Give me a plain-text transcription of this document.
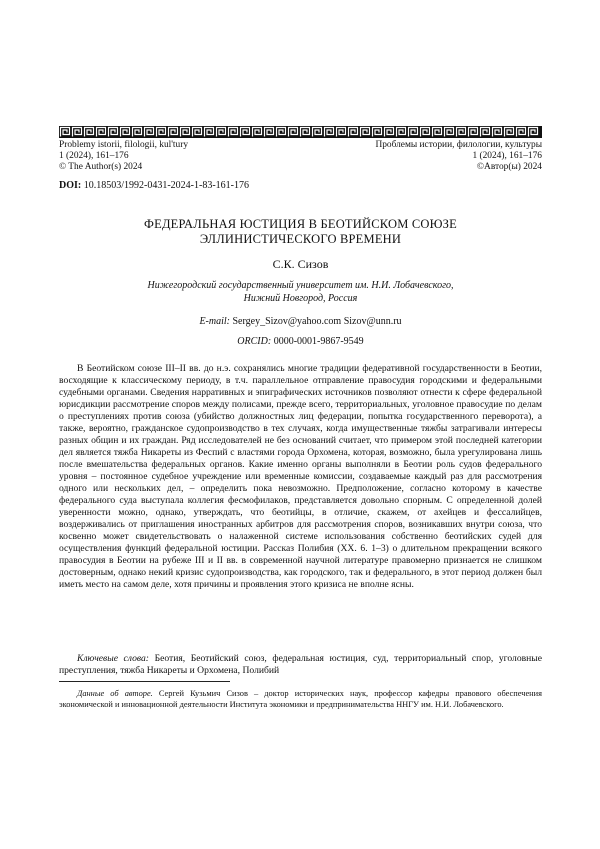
Problemy istorii, filologii, kul'tury
1 (2024), 161–176
© The Author(s) 2024
Проблемы истории, филологии, культуры
1 (2024), 161–176
©Автор(ы) 2024
DOI: 10.18503/1992-0431-2024-1-83-161-176
ФЕДЕРАЛЬНАЯ ЮСТИЦИЯ В БЕОТИЙСКОМ СОЮЗЕ
ЭЛЛИНИСТИЧЕСКОГО ВРЕМЕНИ
С.К. Сизов
Нижегородский государственный университет им. Н.И. Лобачевского,
Нижний Новгород, Россия
E-mail: Sergey_Sizov@yahoo.com Sizov@unn.ru
ORCID: 0000-0001-9867-9549

В Беотийском союзе III–II вв. до н.э. сохранялись многие традиции федеративной государственности в Беотии, восходящие к классическому периоду, в т.ч. параллельное отправление правосудия городскими и федеральными судебными органами. Сведения нарративных и эпиграфических источников позволяют отнести к сфере федеральной юрисдикции рассмотрение споров между полисами, прежде всего, территориальных, уголовное правосудие по делам о преступлениях против союза (убийство должностных лиц федерации, попытка государственного переворота), а также, вероятно, гражданское судопроизводство в тех случаях, когда имущественные тяжбы затрагивали интересы разных общин и их граждан. Ряд исследователей не без оснований считает, что примером этой последней категории дел является тяжба Никареты из Феспий с властями города Орхомена, которая, возможно, была урегулирована лишь после вмешательства федеральных органов. Какие именно органы выполняли в Беотии роль судов федерального уровня – постоянное судебное учреждение или временные комиссии, создаваемые каждый раз для рассмотрения одного или нескольких дел, – определить пока невозможно. Предположение, согласно которому в качестве федерального суда выступала коллегия фесмофилаков, представляется довольно спорным. С определенной долей уверенности можно, однако, утверждать, что беотийцы, в отличие, скажем, от ахейцев и фессалийцев, воздерживались от приглашения иностранных арбитров для рассмотрения споров, возникавших внутри союза, что косвенно может свидетельствовать о налаженной системе использования собственно беотийских судей для осуществления функций федеральной юстиции. Рассказ Полибия (XX. 6. 1–3) о длительном прекращении всякого правосудия в Беотии на рубеже III и II вв. в современной научной литературе правомерно признается не слишком достоверным, однако некий кризис судопроизводства, как городского, так и федерального, в этот период должен был иметь место на самом деле, хотя причины и проявления этого кризиса не вполне ясны.

Ключевые слова: Беотия, Беотийский союз, федеральная юстиция, суд, территориальный спор, уголовные преступления, тяжба Никареты и Орхомена, Полибий

Данные об авторе. Сергей Кузьмич Сизов – доктор исторических наук, профессор кафедры правового обеспечения экономической и инновационной деятельности Института экономики и предпринимательства ННГУ им. Н.И. Лобачевского.
